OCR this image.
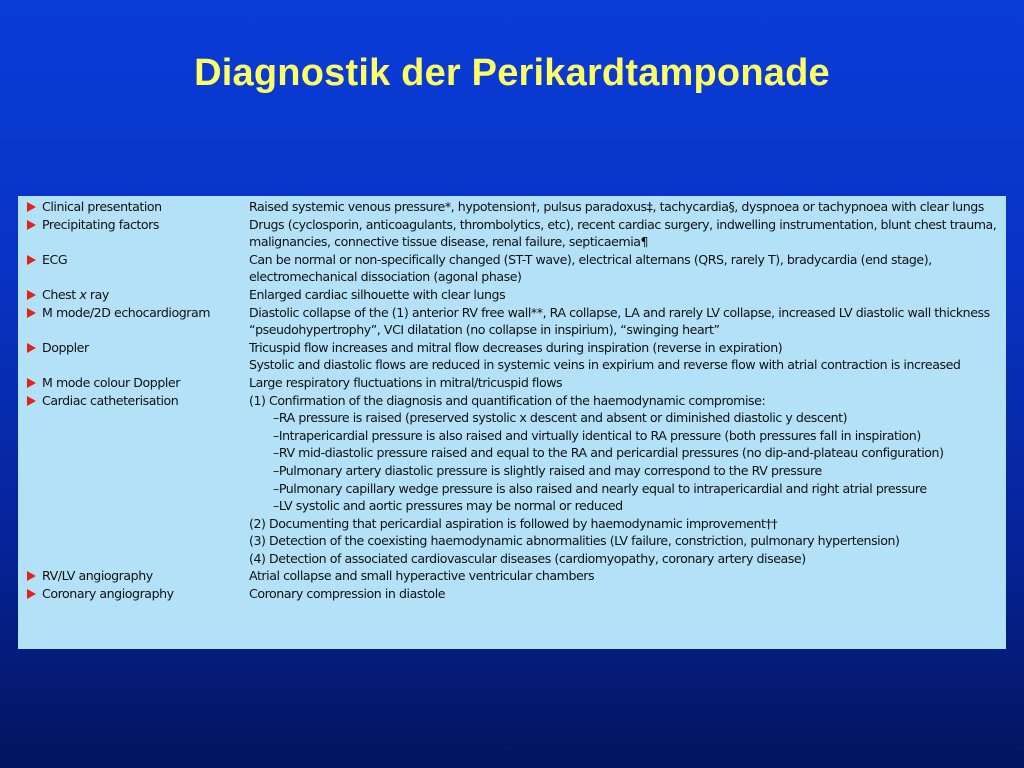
Diagnostik der Perikardtamponade
Clinical presentation	Raised systemic venous pressure*, hypotension†, pulsus paradoxus‡, tachycardia§, dyspnoea or tachypnoea with clear lungs
Precipitating factors	Drugs (cyclosporin, anticoagulants, thrombolytics, etc), recent cardiac surgery, indwelling instrumentation, blunt chest trauma, malignancies, connective tissue disease, renal failure, septicaemia¶
ECG	Can be normal or non-specifically changed (ST-T wave), electrical alternans (QRS, rarely T), bradycardia (end stage), electromechanical dissociation (agonal phase)
Chest x ray	Enlarged cardiac silhouette with clear lungs
M mode/2D echocardiogram	Diastolic collapse of the (1) anterior RV free wall**, RA collapse, LA and rarely LV collapse, increased LV diastolic wall thickness “pseudohypertrophy”, VCI dilatation (no collapse in inspirium), “swinging heart”
Doppler	Tricuspid flow increases and mitral flow decreases during inspiration (reverse in expiration)
Systolic and diastolic flows are reduced in systemic veins in expirium and reverse flow with atrial contraction is increased
M mode colour Doppler	Large respiratory fluctuations in mitral/tricuspid flows
Cardiac catheterisation	(1) Confirmation of the diagnosis and quantification of the haemodynamic compromise:
–RA pressure is raised (preserved systolic x descent and absent or diminished diastolic y descent)
–Intrapericardial pressure is also raised and virtually identical to RA pressure (both pressures fall in inspiration)
–RV mid-diastolic pressure raised and equal to the RA and pericardial pressures (no dip-and-plateau configuration)
–Pulmonary artery diastolic pressure is slightly raised and may correspond to the RV pressure
–Pulmonary capillary wedge pressure is also raised and nearly equal to intrapericardial and right atrial pressure
–LV systolic and aortic pressures may be normal or reduced
(2) Documenting that pericardial aspiration is followed by haemodynamic improvement††
(3) Detection of the coexisting haemodynamic abnormalities (LV failure, constriction, pulmonary hypertension)
(4) Detection of associated cardiovascular diseases (cardiomyopathy, coronary artery disease)
RV/LV angiography	Atrial collapse and small hyperactive ventricular chambers
Coronary angiography	Coronary compression in diastole
